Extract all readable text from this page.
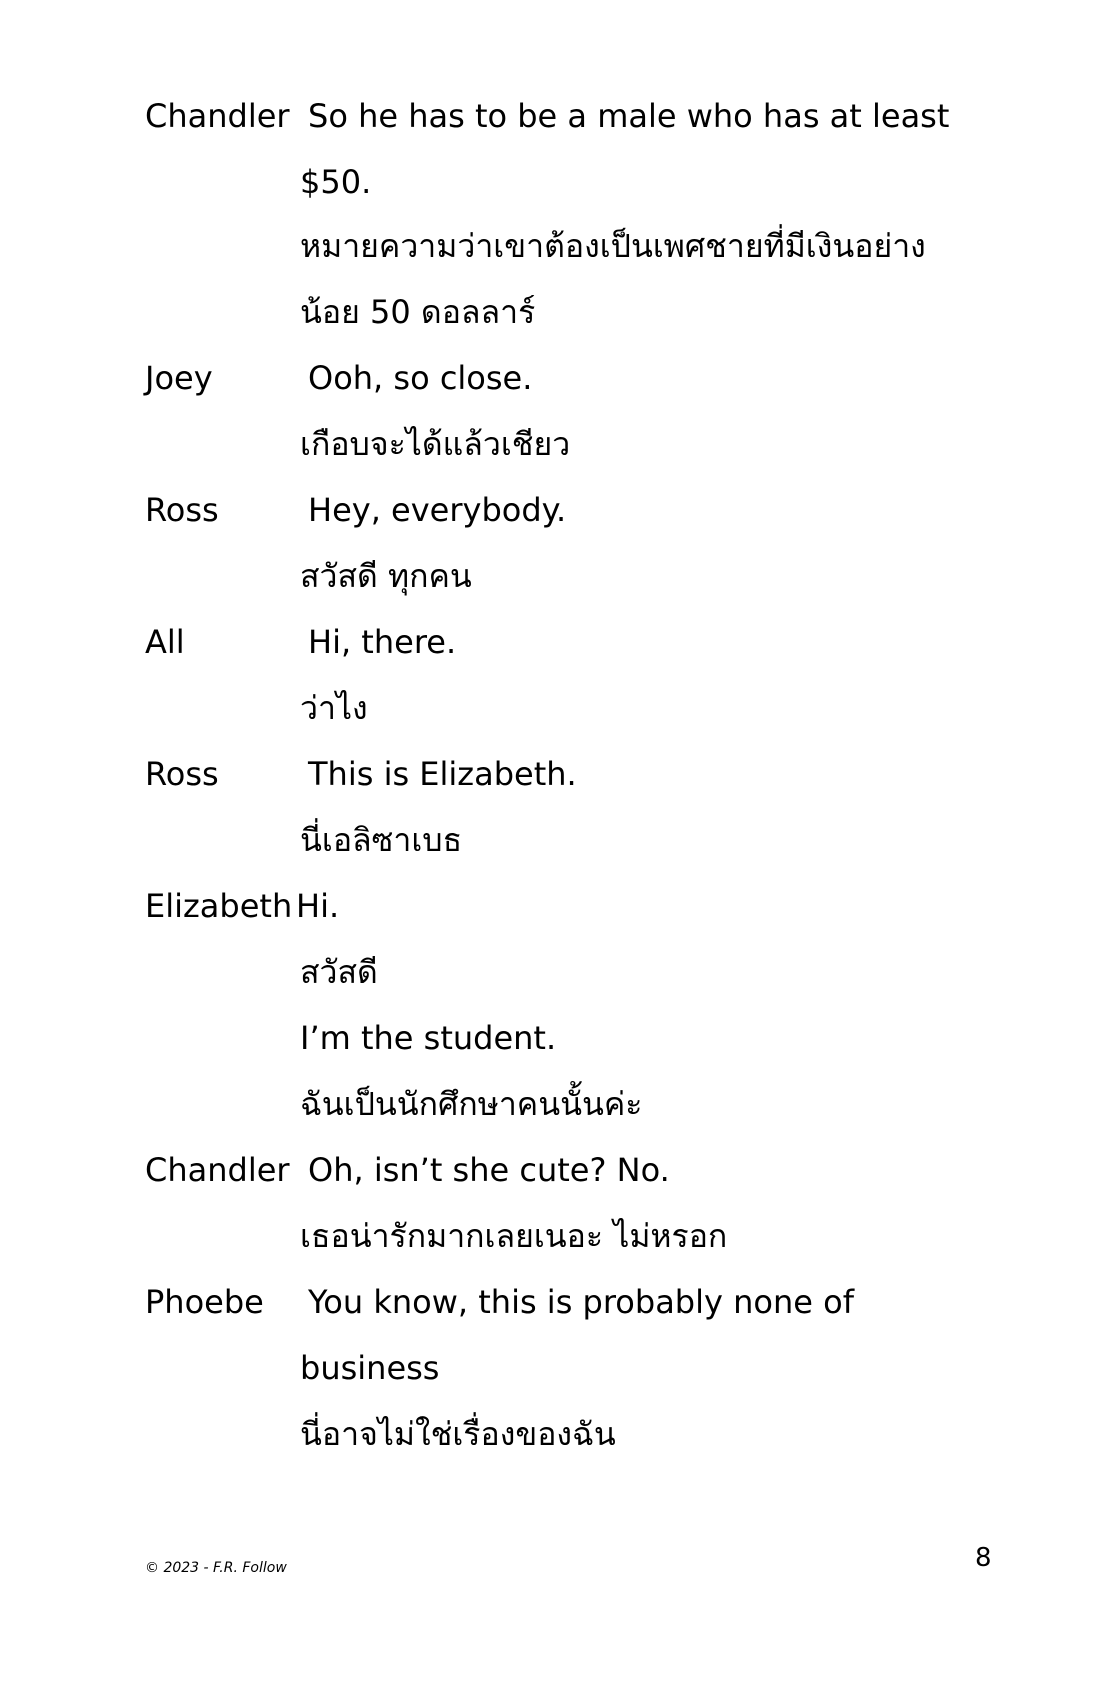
Chandler So he has to be a male who has at least
$50.
หมายความว่าเขาต้องเป็นเพศชายที่มีเงินอย่าง
น้อย 50 ดอลลาร์
Joey	Ooh, so close.
เกือบจะได้แล้วเชียว
Ross	Hey, everybody.
สวัสดี ทุกคน
All	Hi, there.
ว่าไง
Ross	This is Elizabeth.
นี่เอลิซาเบธ
Elizabeth Hi.
สวัสดี
I’m the student.
ฉันเป็นนักศึกษาคนนั้นค่ะ
Chandler Oh, isn’t she cute? No.
เธอน่ารักมากเลยเนอะ ไม่หรอก
Phoebe You know, this is probably none of
business
นี่อาจไม่ใช่เรื่องของฉัน
© 2023 - F.R. Follow	8
